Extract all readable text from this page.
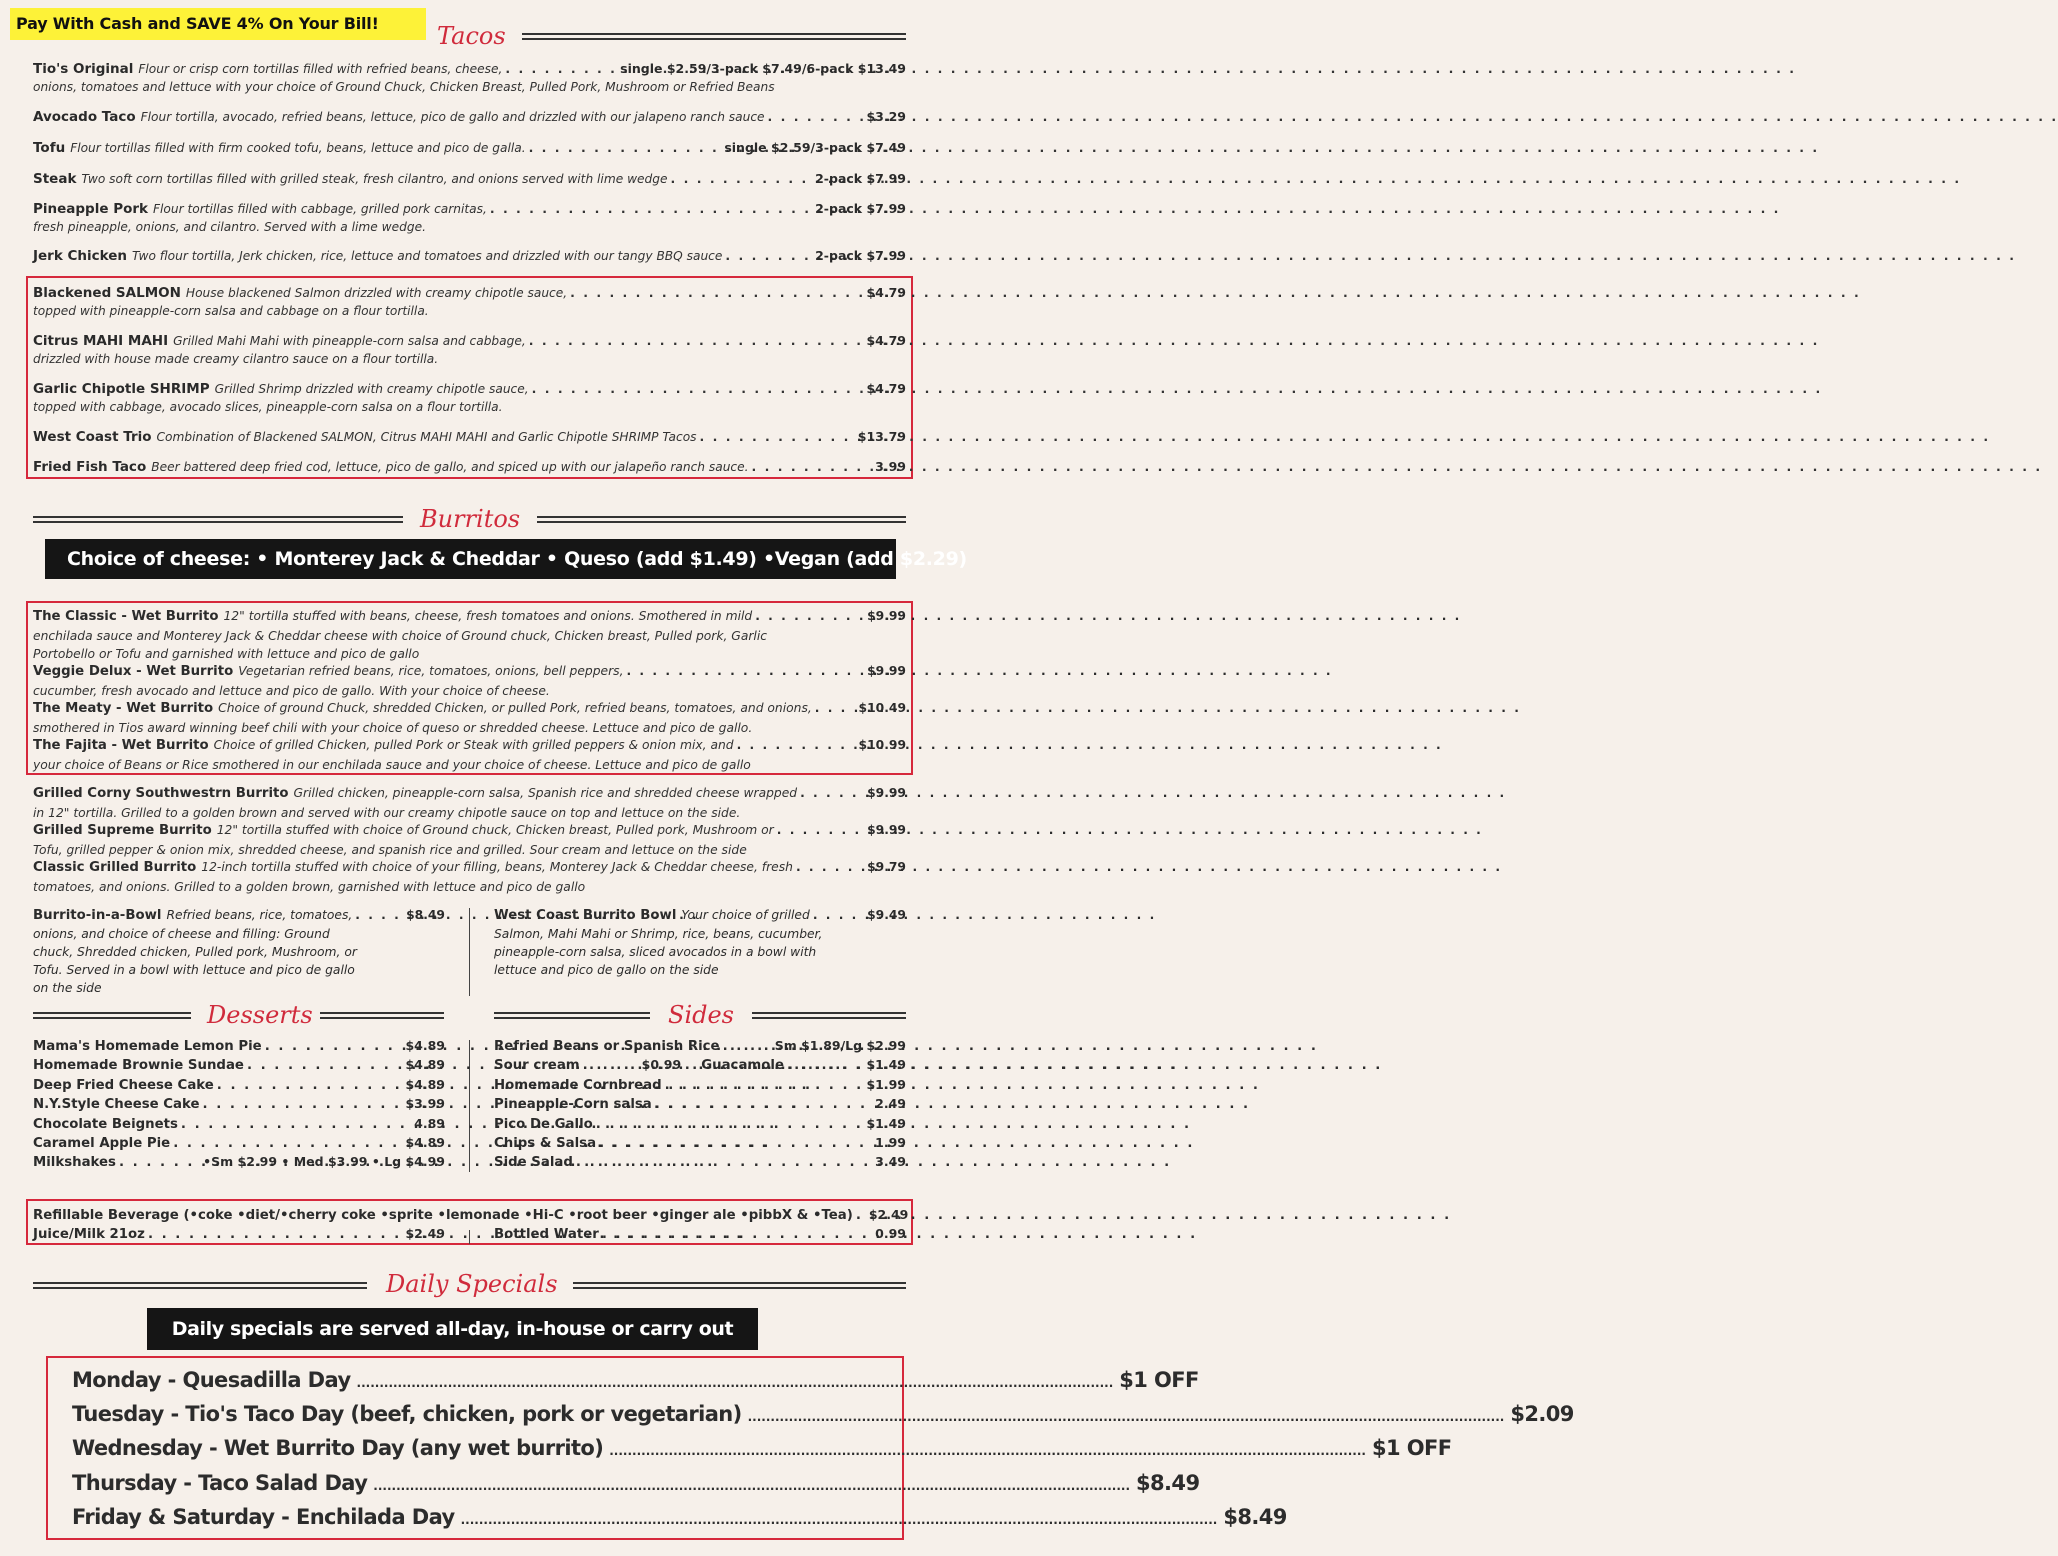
Pay With Cash and SAVE 4% On Your Bill!	Tacos
Tio's Original Flour or crisp corn tortillas filled with refried beans, cheese, . . .	single $2.59/3-pack $7.49/6-pack $13.49
onions, tomatoes and lettuce with your choice of Ground Chuck, Chicken Breast, Pulled Pork, Mushroom or Refried Beans
Avocado Taco Flour tortilla, avocado, refried beans, lettuce, pico de gallo and drizzled with our jalapeno ranch sauce . . .	$3.29
Tofu Flour tortillas filled with firm cooked tofu, beans, lettuce and pico de galla. . . .	single $2.59/3-pack $7.49
Steak Two soft corn tortillas filled with grilled steak, fresh cilantro, and onions served with lime wedge . . .	2-pack $7.99
Pineapple Pork Flour tortillas filled with cabbage, grilled pork carnitas, . . .	2-pack $7.99
fresh pineapple, onions, and cilantro. Served with a lime wedge.
Jerk Chicken Two flour tortilla, Jerk chicken, rice, lettuce and tomatoes and drizzled with our tangy BBQ sauce . . .	2-pack $7.99
Blackened SALMON House blackened Salmon drizzled with creamy chipotle sauce, . . .	$4.79
topped with pineapple-corn salsa and cabbage on a flour tortilla.
Citrus MAHI MAHI Grilled Mahi Mahi with pineapple-corn salsa and cabbage, . . .	$4.79
drizzled with house made creamy cilantro sauce on a flour tortilla.
Garlic Chipotle SHRIMP Grilled Shrimp drizzled with creamy chipotle sauce, . . .	$4.79
topped with cabbage, avocado slices, pineapple-corn salsa on a flour tortilla.
West Coast Trio Combination of Blackened SALMON, Citrus MAHI MAHI and Garlic Chipotle SHRIMP Tacos . . .	$13.79
Fried Fish Taco Beer battered deep fried cod, lettuce, pico de gallo, and spiced up with our jalapeño ranch sauce. . . .	3.99
Burritos
Choice of cheese: • Monterey Jack & Cheddar • Queso (add $1.49) •Vegan (add $2.29)
The Classic - Wet Burrito 12" tortilla stuffed with beans, cheese, fresh tomatoes and onions. Smothered in mild . . .	$9.99
enchilada sauce and Monterey Jack & Cheddar cheese with choice of Ground chuck, Chicken breast, Pulled pork, Garlic
Portobello or Tofu and garnished with lettuce and pico de gallo
Veggie Delux - Wet Burrito Vegetarian refried beans, rice, tomatoes, onions, bell peppers, . . .	$9.99
cucumber, fresh avocado and lettuce and pico de gallo. With your choice of cheese.
The Meaty - Wet Burrito Choice of ground Chuck, shredded Chicken, or pulled Pork, refried beans, tomatoes, and onions, . . .	$10.49
smothered in Tios award winning beef chili with your choice of queso or shredded cheese. Lettuce and pico de gallo.
The Fajita - Wet Burrito Choice of grilled Chicken, pulled Pork or Steak with grilled peppers & onion mix, and . . .	$10.99
your choice of Beans or Rice smothered in our enchilada sauce and your choice of cheese. Lettuce and pico de gallo
Grilled Corny Southwestrn Burrito Grilled chicken, pineapple-corn salsa, Spanish rice and shredded cheese wrapped . . .	$9.99
in 12" tortilla. Grilled to a golden brown and served with our creamy chipotle sauce on top and lettuce on the side.
Grilled Supreme Burrito 12" tortilla stuffed with choice of Ground chuck, Chicken breast, Pulled pork, Mushroom or . . .	$9.99
Tofu, grilled pepper & onion mix, shredded cheese, and spanish rice and grilled. Sour cream and lettuce on the side
Classic Grilled Burrito 12-inch tortilla stuffed with choice of your filling, beans, Monterey Jack & Cheddar cheese, fresh . . .	$9.79
tomatoes, and onions. Grilled to a golden brown, garnished with lettuce and pico de gallo
Burrito-in-a-Bowl Refried beans, rice, tomatoes, . . .	$8.49
onions, and choice of cheese and filling: Ground
chuck, Shredded chicken, Pulled pork, Mushroom, or
Tofu. Served in a bowl with lettuce and pico de gallo
on the side
West Coast Burrito Bowl Your choice of grilled . . .	$9.49
Salmon, Mahi Mahi or Shrimp, rice, beans, cucumber,
pineapple-corn salsa, sliced avocados in a bowl with
lettuce and pico de gallo on the side
Desserts	Sides
Mama's Homemade Lemon Pie . . .	$4.89
Homemade Brownie Sundae . . .	$4.89
Deep Fried Cheese Cake . . .	$4.89
N.Y.Style Cheese Cake . . .	$3.99
Chocolate Beignets . . .	4.89
Caramel Apple Pie . . .	$4.89
Milkshakes . . .	•Sm $2.99 • Med $3.99 • Lg $4.99
Refried Beans or Spanish Rice . . .	Sm $1.89/Lg $2.99
Sour cream . . .	$0.99 Guacamole . . .	$1.49
Homemade Cornbread . . .	$1.99
Pineapple-Corn salsa . . .	2.49
Pico De Gallo . . .	$1.49
Chips & Salsa . . .	1.99
Side Salad . . .	3.49
Refillable Beverage (•coke •diet/•cherry coke •sprite •lemonade •Hi-C •root beer •ginger ale •pibbX & •Tea) . . . $2.49
Juice/Milk 21oz . . .	$2.49	Bottled Water . . .	0.99
Daily Specials
Daily specials are served all-day, in-house or carry out
Monday - Quesadilla Day .....	$1 OFF
Tuesday - Tio's Taco Day (beef, chicken, pork or vegetarian) .....	$2.09
Wednesday - Wet Burrito Day (any wet burrito) .....	$1 OFF
Thursday - Taco Salad Day .....	$8.49
Friday & Saturday - Enchilada Day .....	$8.49
